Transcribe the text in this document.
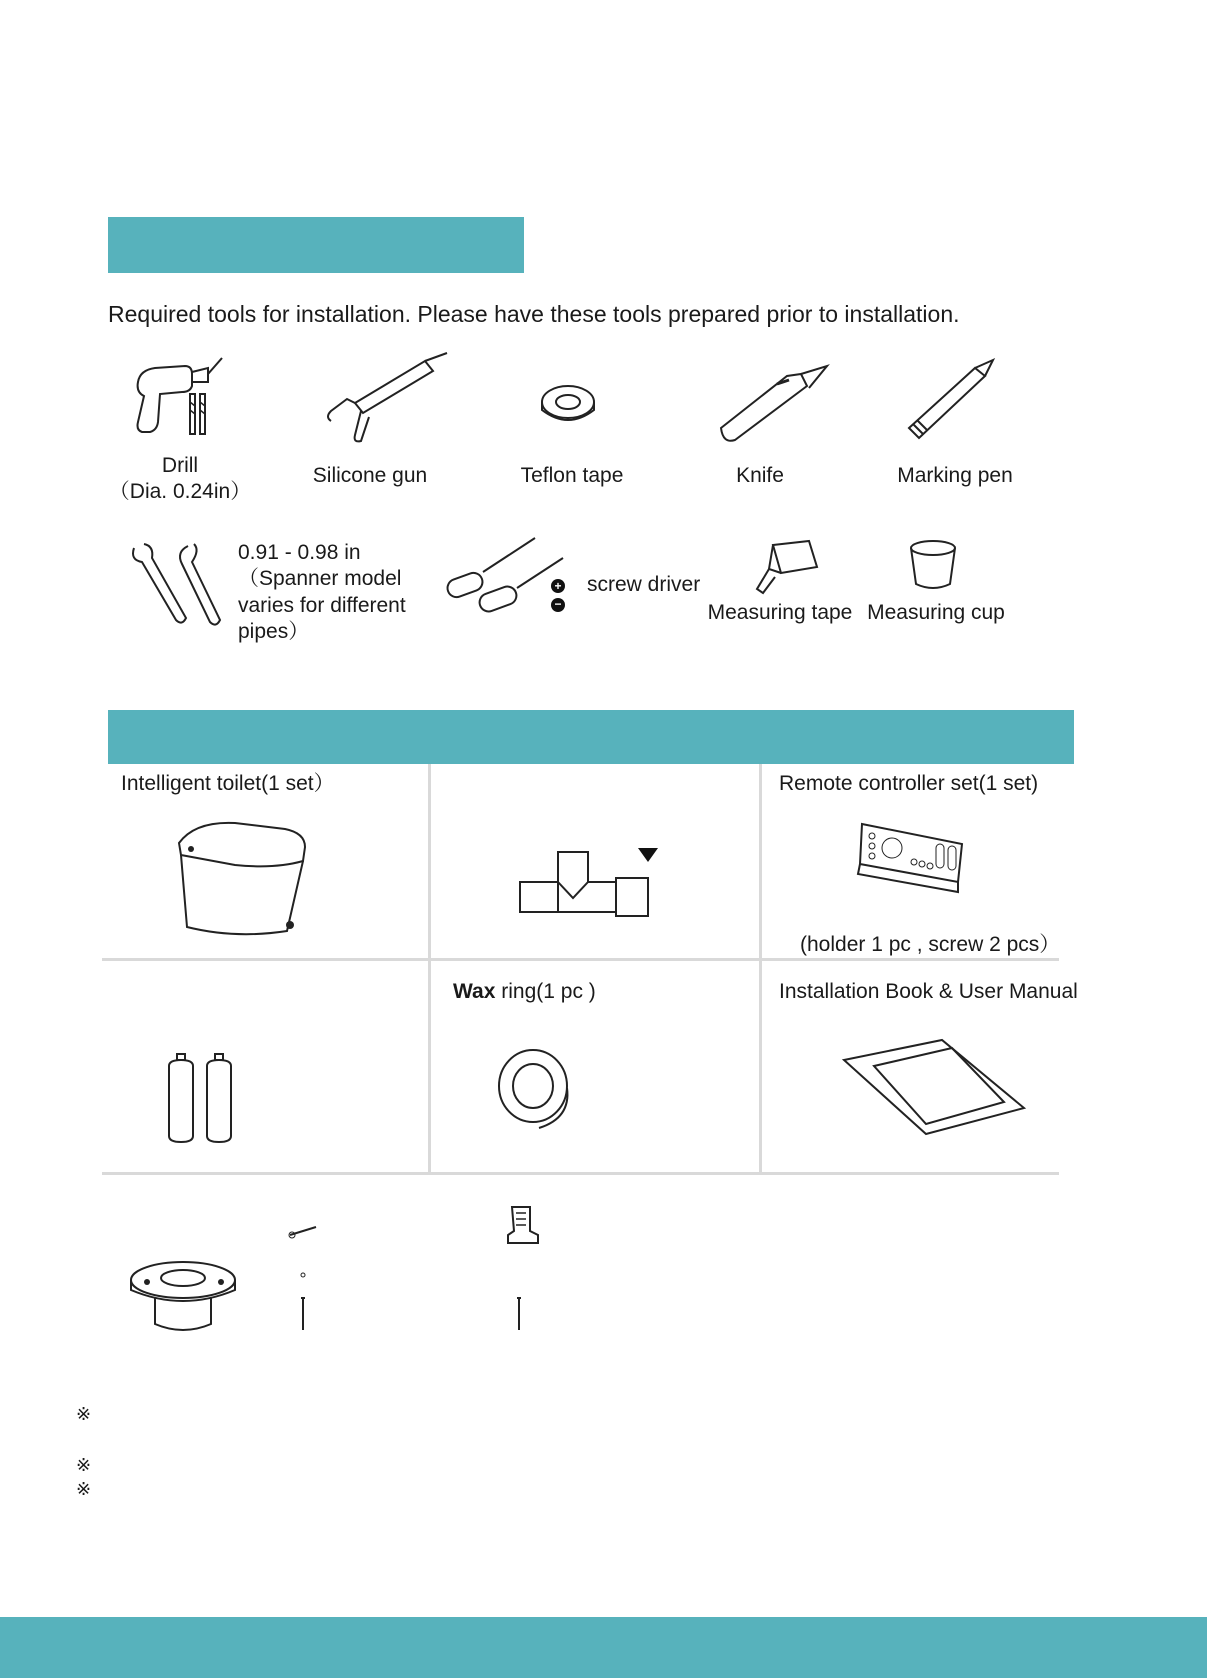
Required tools for installation. Please have these tools prepared prior to installation.
Drill
（Dia. 0.24in）
Silicone gun	Teflon tape	Knife	Marking pen
0.91 - 0.98 in
（Spanner model
varies for different
pipes）
+ −
screw driver
Measuring tape Measuring cup
Intelligent toilet(1 set）	Remote controller set(1 set)
(holder 1 pc , screw 2 pcs）
Wax ring(1 pc )	Installation Book & User Manual
※
※
※
